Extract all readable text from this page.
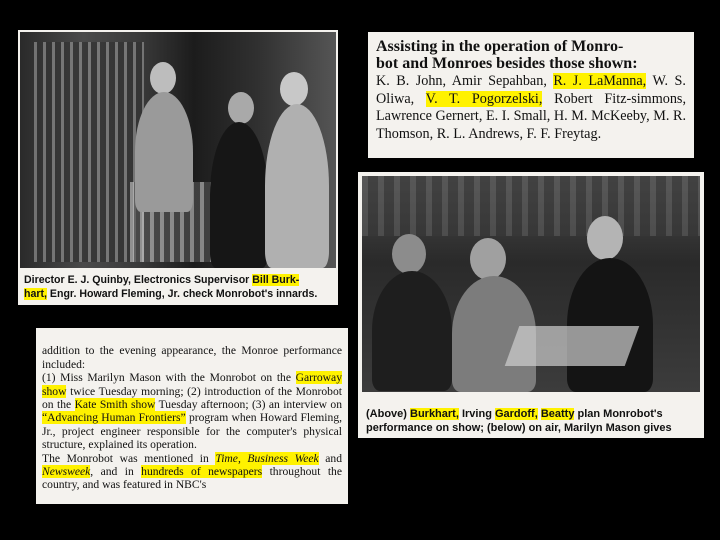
Director E. J. Quinby, Electronics Supervisor Bill Burk-
hart, Engr. Howard Fleming, Jr. check Monrobot's innards.
Assisting in the operation of Monro-
bot and Monroes besides those shown:
K. B. John, Amir Sepahban, R. J. LaManna, W. S. Oliwa, V. T. Pogorzelski, Robert Fitz-simmons, Lawrence Gernert, E. I. Small, H. M. McKeeby, M. R. Thomson, R. L. Andrews, F. F. Freytag.
(Above) Burkhart, Irving Gardoff, Beatty plan Monrobot's performance on show; (below) on air, Marilyn Mason gives

addition to the evening appearance, the Monroe performance included:
(1) Miss Marilyn Mason with the Monrobot on the Garroway show twice Tuesday morning; (2) introduction of the Monrobot on the Kate Smith show Tuesday afternoon; (3) an interview on “Advancing Human Frontiers” program when Howard Fleming, Jr., project engineer responsible for the computer's physical structure, explained its operation.
The Monrobot was mentioned in Time, Business Week and Newsweek, and in hundreds of newspapers throughout the country, and was featured in NBC's
